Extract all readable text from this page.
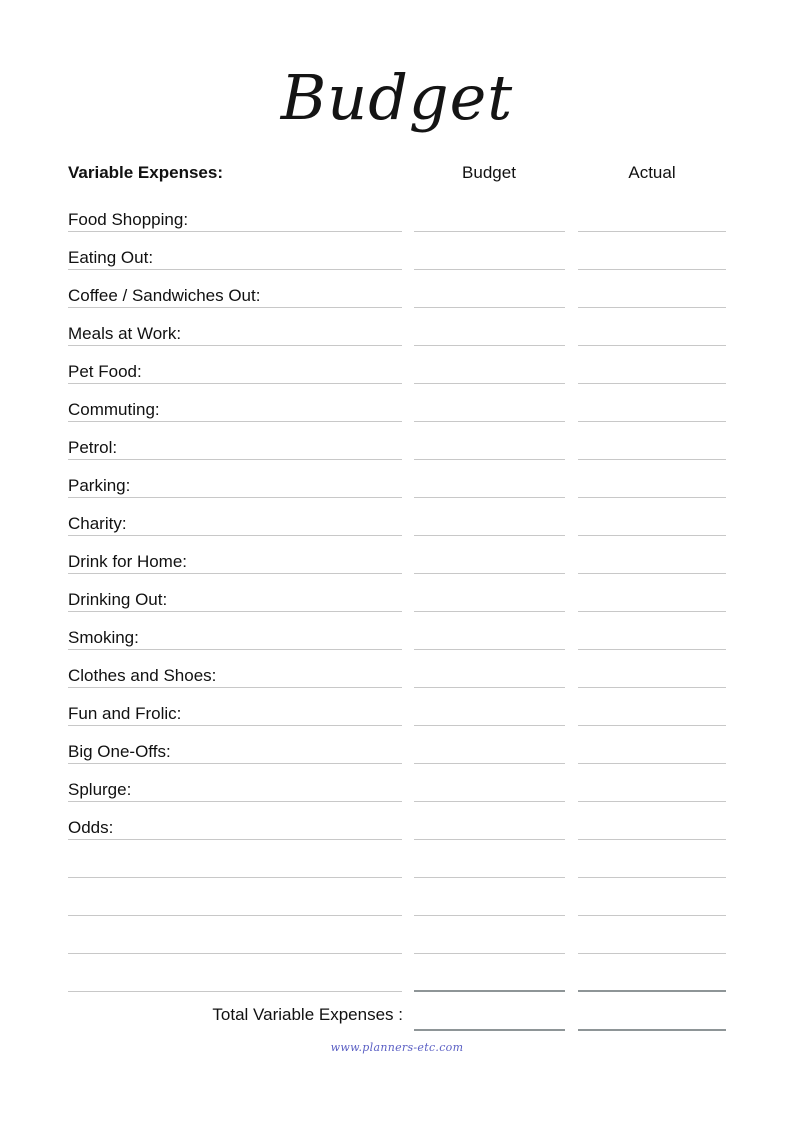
Budget
Variable Expenses:	Budget	Actual
Food Shopping:
Eating Out:
Coffee / Sandwiches Out:
Meals at Work:
Pet Food:
Commuting:
Petrol:
Parking:
Charity:
Drink for Home:
Drinking Out:
Smoking:
Clothes and Shoes:
Fun and Frolic:
Big One-Offs:
Splurge:
Odds:
Total Variable Expenses :
www.planners-etc.com
